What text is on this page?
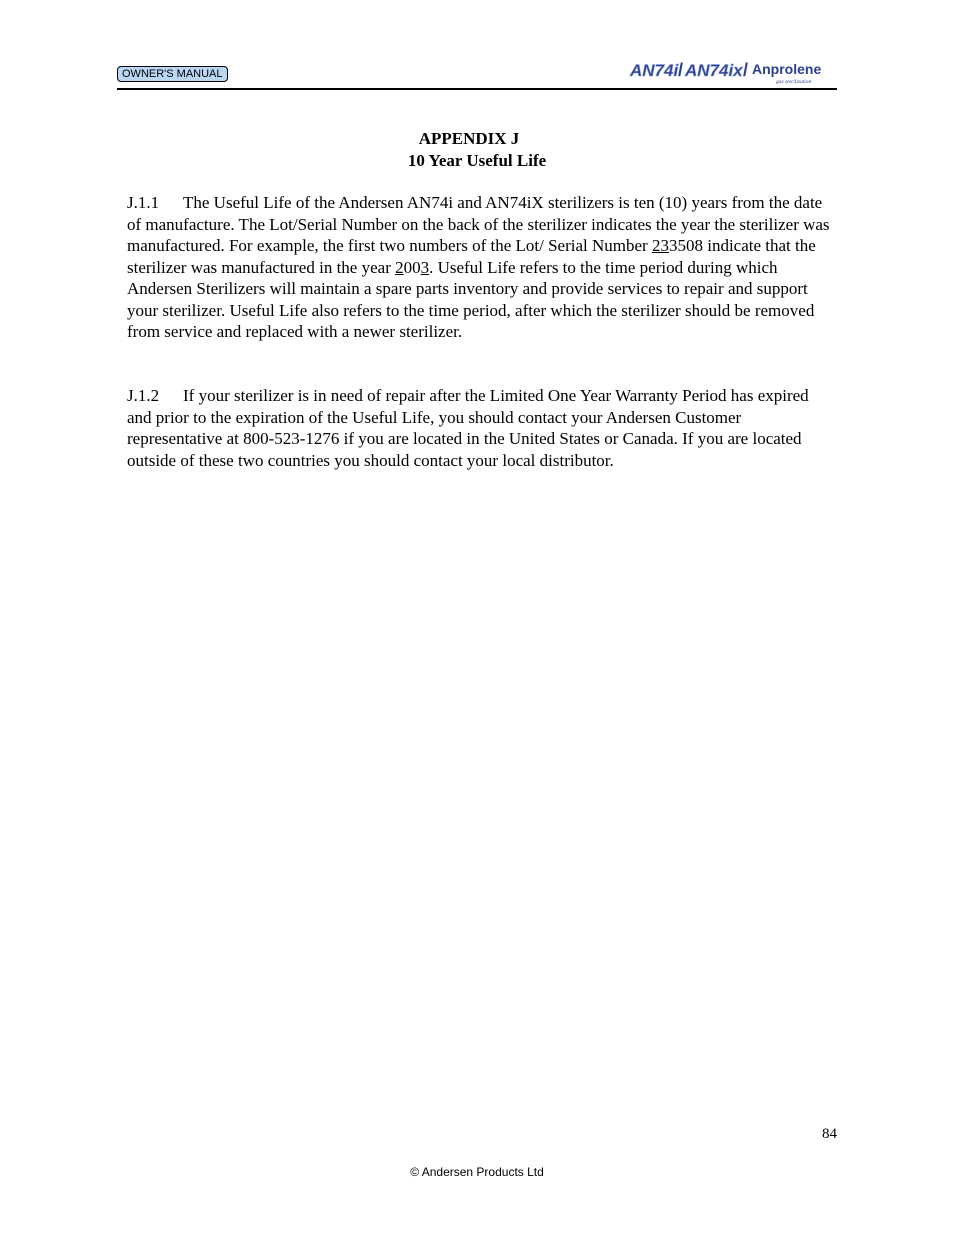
OWNER'S MANUAL	AN74i / AN74ix / Anprolene
gas sterilization
APPENDIX J
10 Year Useful Life

J.1.1 The Useful Life of the Andersen AN74i and AN74iX sterilizers is ten (10) years from the date of manufacture. The Lot/Serial Number on the back of the sterilizer indicates the year the sterilizer was manufactured. For example, the first two numbers of the Lot/ Serial Number 233508 indicate that the sterilizer was manufactured in the year 2003. Useful Life refers to the time period during which Andersen Sterilizers will maintain a spare parts inventory and provide services to repair and support your sterilizer. Useful Life also refers to the time period, after which the sterilizer should be removed from service and replaced with a newer sterilizer.

J.1.2 If your sterilizer is in need of repair after the Limited One Year Warranty Period has expired and prior to the expiration of the Useful Life, you should contact your Andersen Customer representative at 800-523-1276 if you are located in the United States or Canada. If you are located outside of these two countries you should contact your local distributor.

84
© Andersen Products Ltd
